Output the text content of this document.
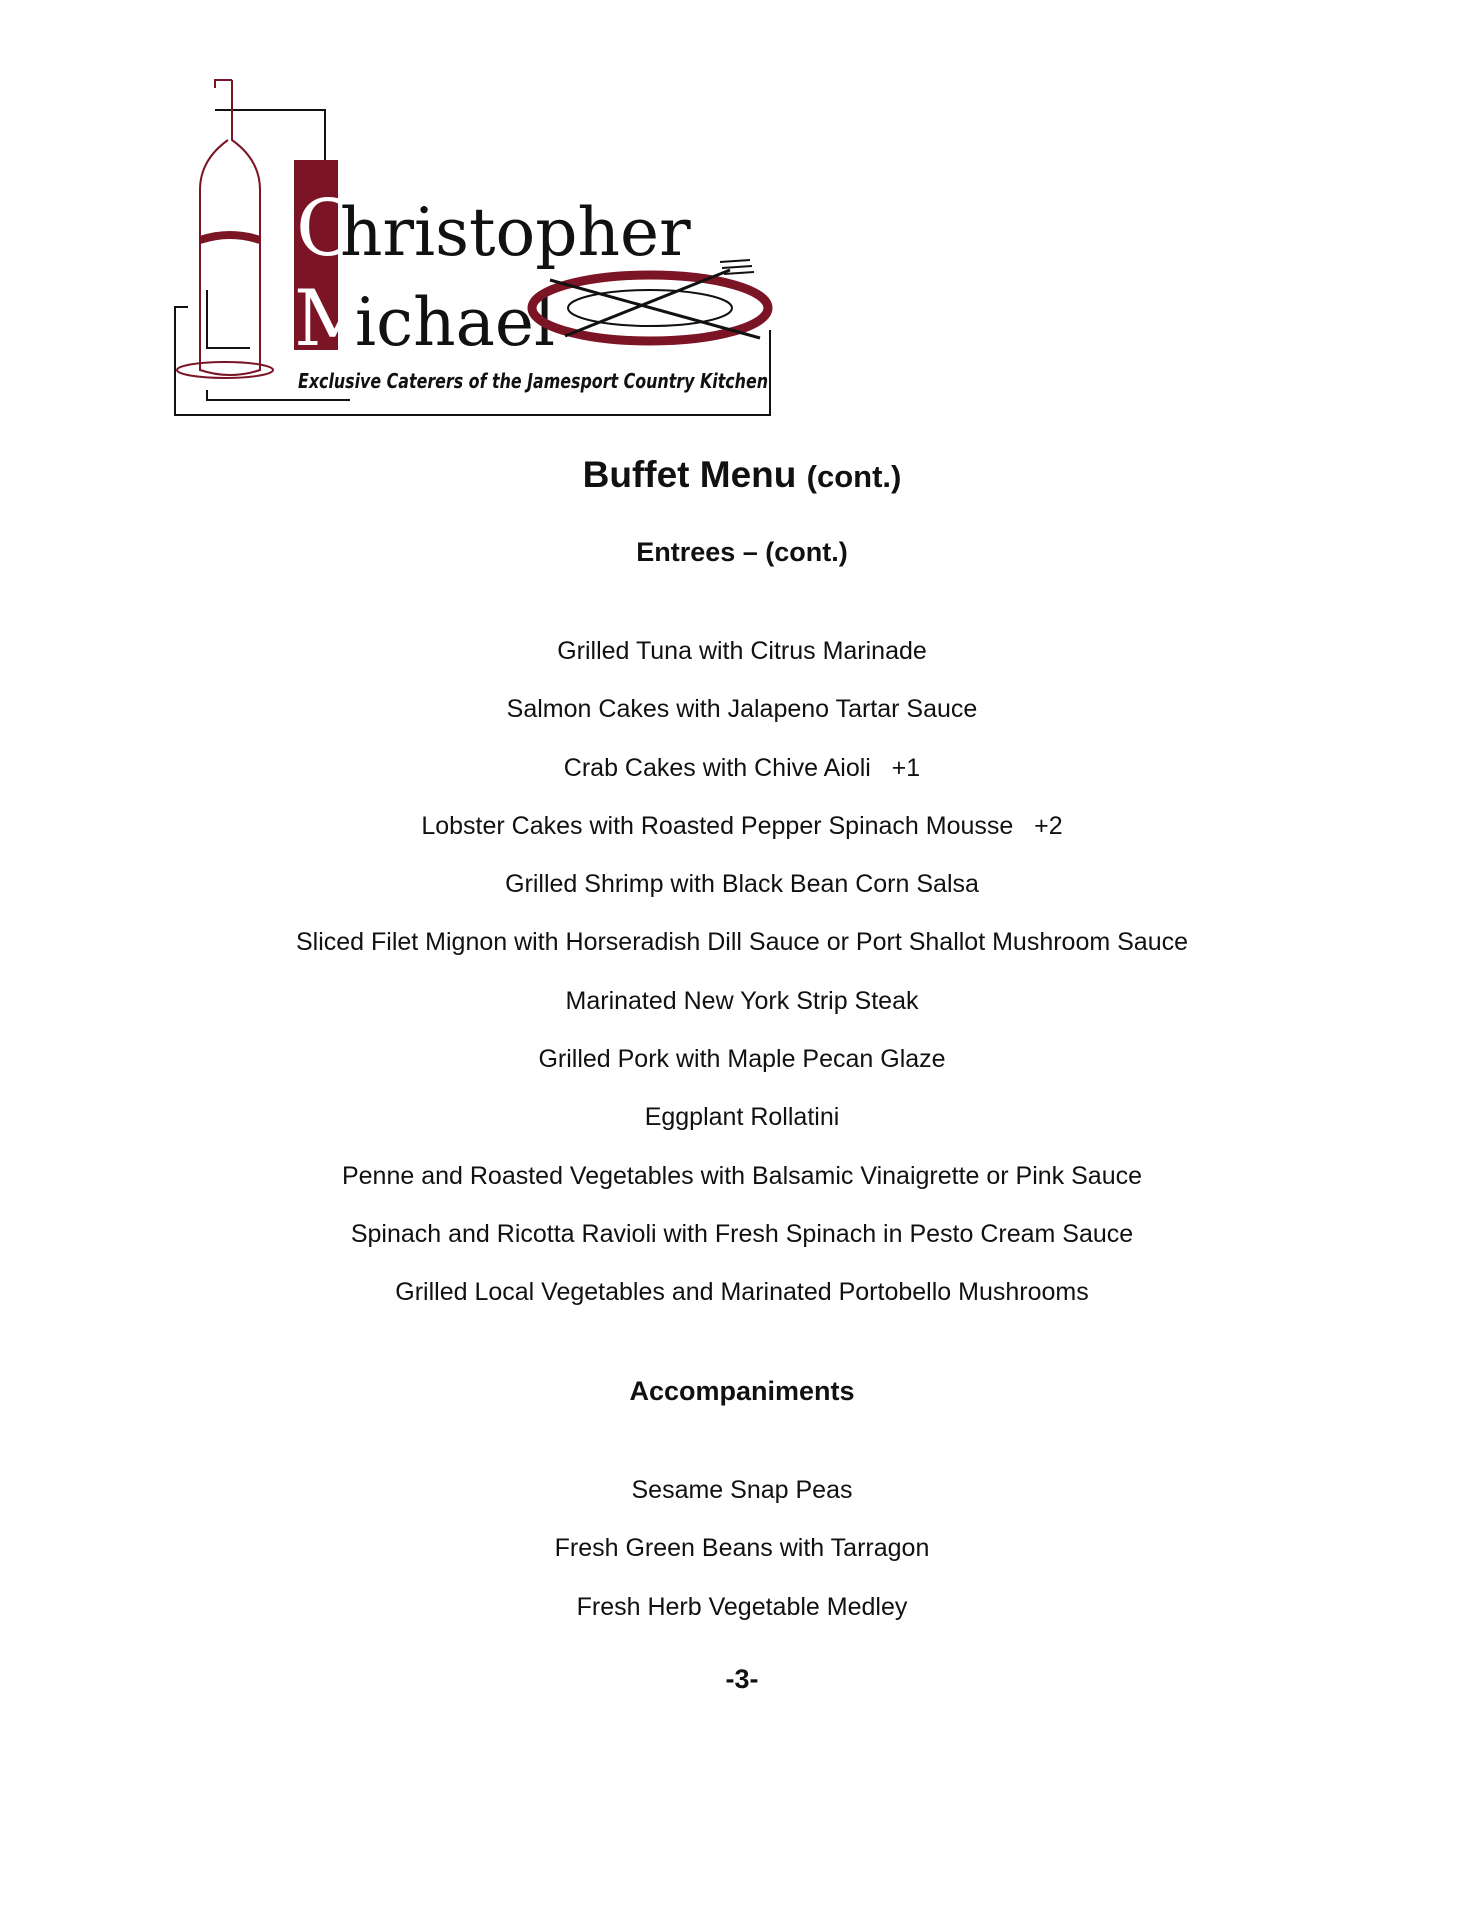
C
hristopher
M
ichael
Exclusive Caterers of the Jamesport Country Kitchen
Buffet Menu (cont.)
Entrees – (cont.)
Grilled Tuna with Citrus Marinade
Salmon Cakes with Jalapeno Tartar Sauce
Crab Cakes with Chive Aioli   +1
Lobster Cakes with Roasted Pepper Spinach Mousse   +2
Grilled Shrimp with Black Bean Corn Salsa
Sliced Filet Mignon with Horseradish Dill Sauce or Port Shallot Mushroom Sauce
Marinated New York Strip Steak
Grilled Pork with Maple Pecan Glaze
Eggplant Rollatini
Penne and Roasted Vegetables with Balsamic Vinaigrette or Pink Sauce
Spinach and Ricotta Ravioli with Fresh Spinach in Pesto Cream Sauce
Grilled Local Vegetables and Marinated Portobello Mushrooms
Accompaniments
Sesame Snap Peas
Fresh Green Beans with Tarragon
Fresh Herb Vegetable Medley
-3-
